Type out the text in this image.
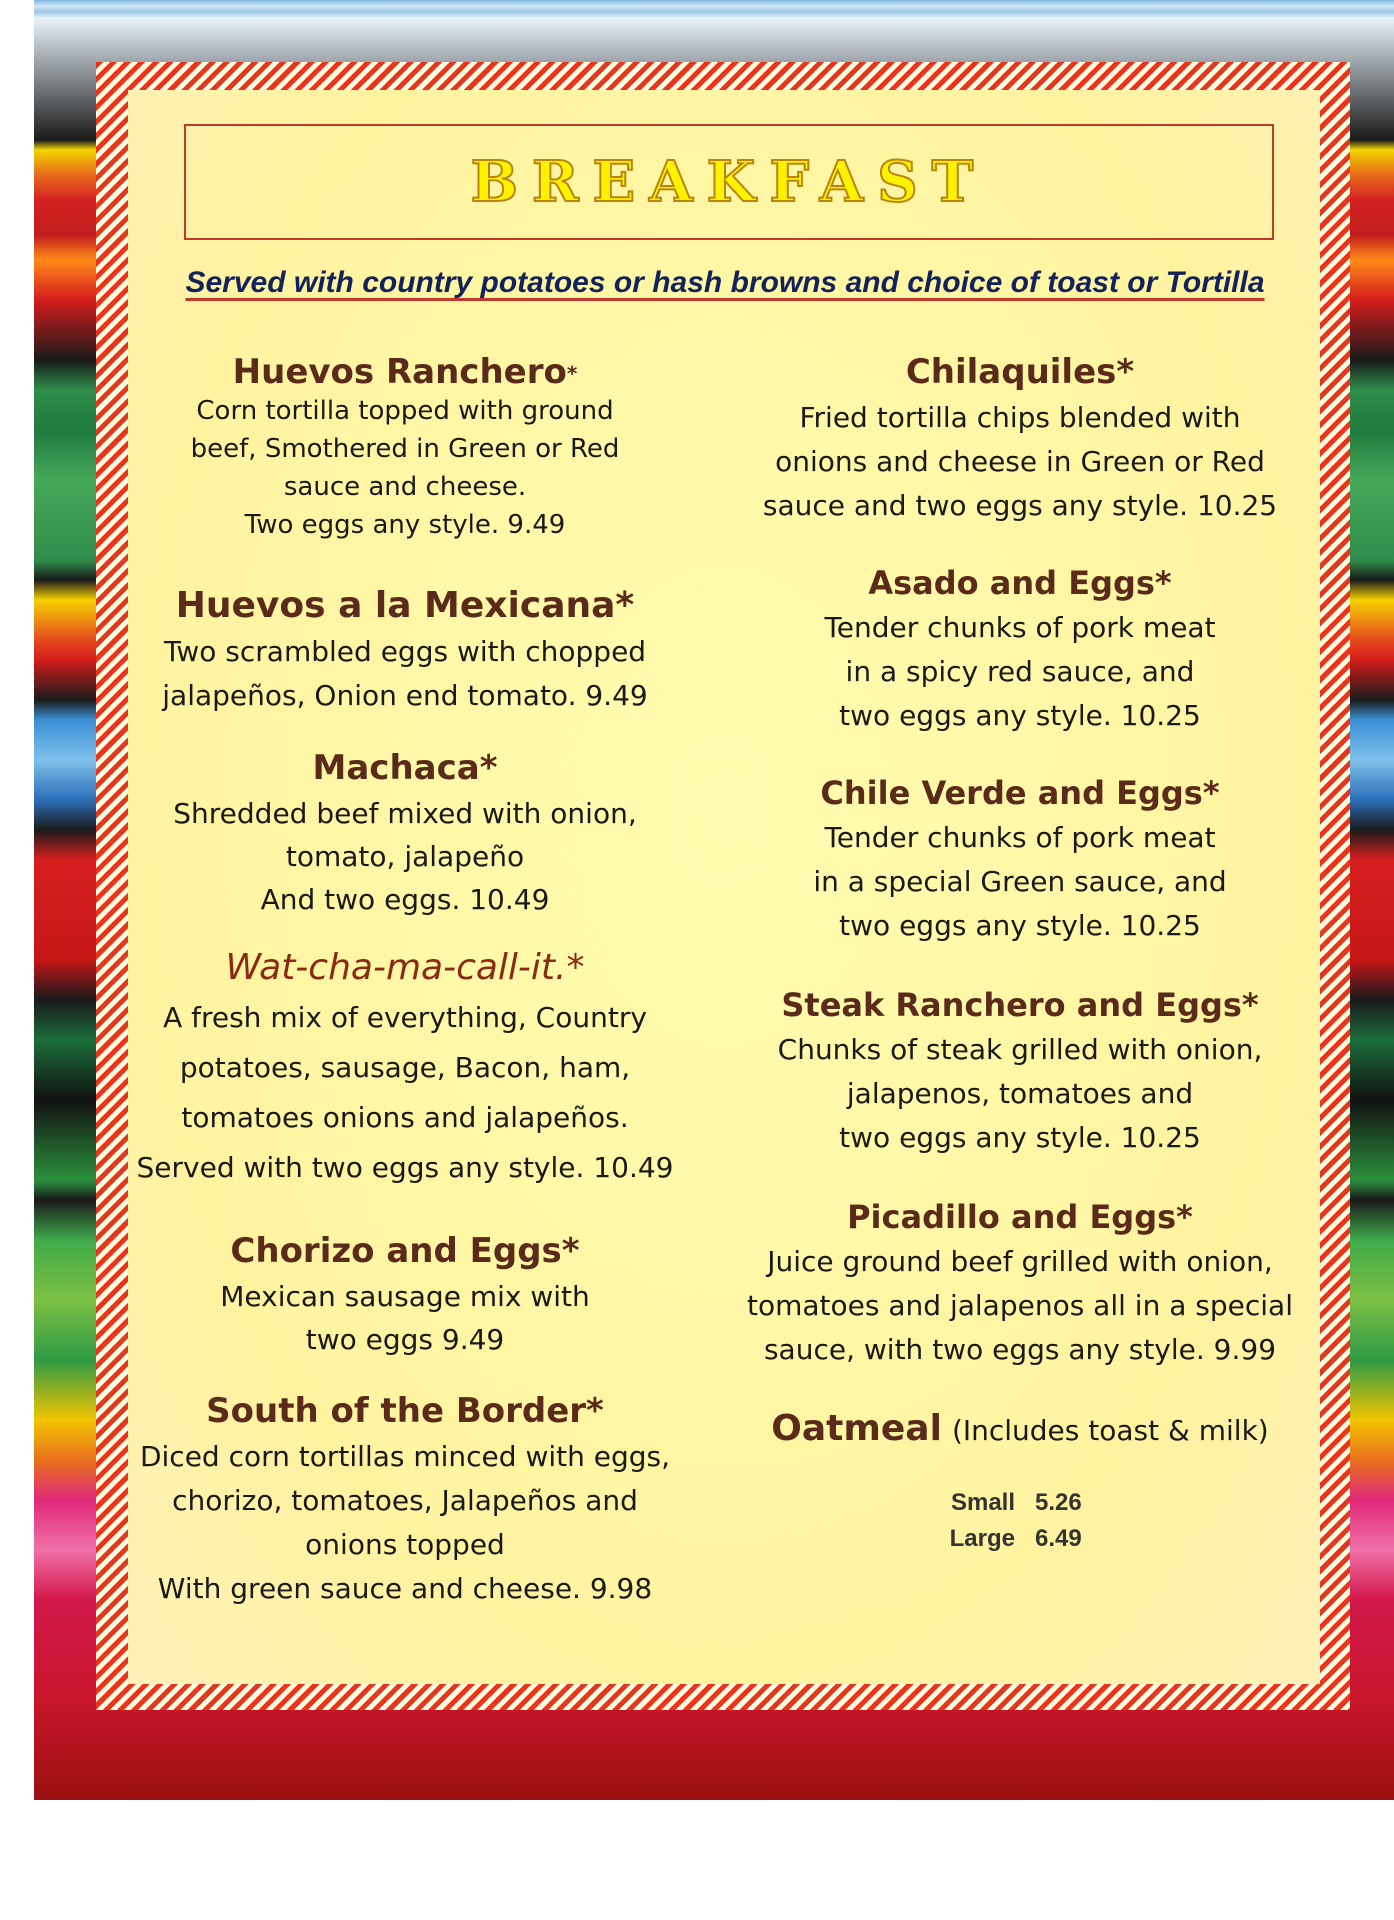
BREAKFAST
Served with country potatoes or hash browns and choice of toast or Tortilla

Huevos Ranchero*

Corn tortilla topped with ground

beef, Smothered in Green or Red

sauce and cheese.

Two eggs any style. 9.49

Huevos a la Mexicana*

Two scrambled eggs with chopped

jalapeños, Onion end tomato. 9.49

Machaca*

Shredded beef mixed with onion,

tomato, jalapeño

And two eggs. 10.49

Wat-cha-ma-call-it.*

A fresh mix of everything, Country

potatoes, sausage, Bacon, ham,

tomatoes onions and jalapeños.

Served with two eggs any style. 10.49

Chorizo and Eggs*

Mexican sausage mix with

two eggs 9.49

South of the Border*

Diced corn tortillas minced with eggs,

chorizo, tomatoes, Jalapeños and

onions topped

With green sauce and cheese. 9.98

Chilaquiles*

Fried tortilla chips blended with

onions and cheese in Green or Red

sauce and two eggs any style. 10.25

Asado and Eggs*

Tender chunks of pork meat

in a spicy red sauce, and

two eggs any style. 10.25

Chile Verde and Eggs*

Tender chunks of pork meat

in a special Green sauce, and

two eggs any style. 10.25

Steak Ranchero and Eggs*

Chunks of steak grilled with onion,

jalapenos, tomatoes and

two eggs any style. 10.25

Picadillo and Eggs*

Juice ground beef grilled with onion,

tomatoes and jalapenos all in a special

sauce, with two eggs any style. 9.99

Oatmeal (Includes toast & milk)
Small 5.26
Large 6.49
